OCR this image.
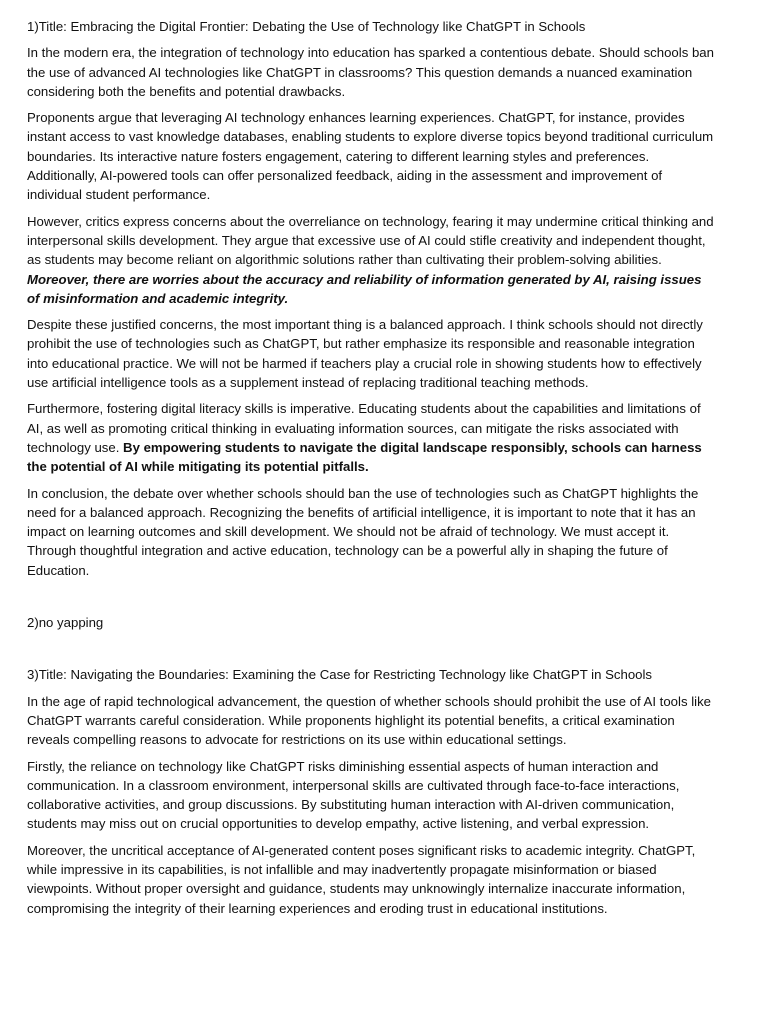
1)Title: Embracing the Digital Frontier: Debating the Use of Technology like ChatGPT in Schools

In the modern era, the integration of technology into education has sparked a contentious debate. Should schools ban the use of advanced AI technologies like ChatGPT in classrooms? This question demands a nuanced examination considering both the benefits and potential drawbacks.

Proponents argue that leveraging AI technology enhances learning experiences. ChatGPT, for instance, provides instant access to vast knowledge databases, enabling students to explore diverse topics beyond traditional curriculum boundaries. Its interactive nature fosters engagement, catering to different learning styles and preferences. Additionally, AI-powered tools can offer personalized feedback, aiding in the assessment and improvement of individual student performance.

However, critics express concerns about the overreliance on technology, fearing it may undermine critical thinking and interpersonal skills development. They argue that excessive use of AI could stifle creativity and independent thought, as students may become reliant on algorithmic solutions rather than cultivating their problem-solving abilities. Moreover, there are worries about the accuracy and reliability of information generated by AI, raising issues of misinformation and academic integrity.

Despite these justified concerns, the most important thing is a balanced approach. I think schools should not directly prohibit the use of technologies such as ChatGPT, but rather emphasize its responsible and reasonable integration into educational practice. We will not be harmed if teachers play a crucial role in showing students how to effectively use artificial intelligence tools as a supplement instead of replacing traditional teaching methods.

Furthermore, fostering digital literacy skills is imperative. Educating students about the capabilities and limitations of AI, as well as promoting critical thinking in evaluating information sources, can mitigate the risks associated with technology use. By empowering students to navigate the digital landscape responsibly, schools can harness the potential of AI while mitigating its potential pitfalls.

In conclusion, the debate over whether schools should ban the use of technologies such as ChatGPT highlights the need for a balanced approach. Recognizing the benefits of artificial intelligence, it is important to note that it has an impact on learning outcomes and skill development. We should not be afraid of technology. We must accept it. Through thoughtful integration and active education, technology can be a powerful ally in shaping the future of Education.

2)no yapping

3)Title: Navigating the Boundaries: Examining the Case for Restricting Technology like ChatGPT in Schools

In the age of rapid technological advancement, the question of whether schools should prohibit the use of AI tools like ChatGPT warrants careful consideration. While proponents highlight its potential benefits, a critical examination reveals compelling reasons to advocate for restrictions on its use within educational settings.

Firstly, the reliance on technology like ChatGPT risks diminishing essential aspects of human interaction and communication. In a classroom environment, interpersonal skills are cultivated through face-to-face interactions, collaborative activities, and group discussions. By substituting human interaction with AI-driven communication, students may miss out on crucial opportunities to develop empathy, active listening, and verbal expression.

Moreover, the uncritical acceptance of AI-generated content poses significant risks to academic integrity. ChatGPT, while impressive in its capabilities, is not infallible and may inadvertently propagate misinformation or biased viewpoints. Without proper oversight and guidance, students may unknowingly internalize inaccurate information, compromising the integrity of their learning experiences and eroding trust in educational institutions.
